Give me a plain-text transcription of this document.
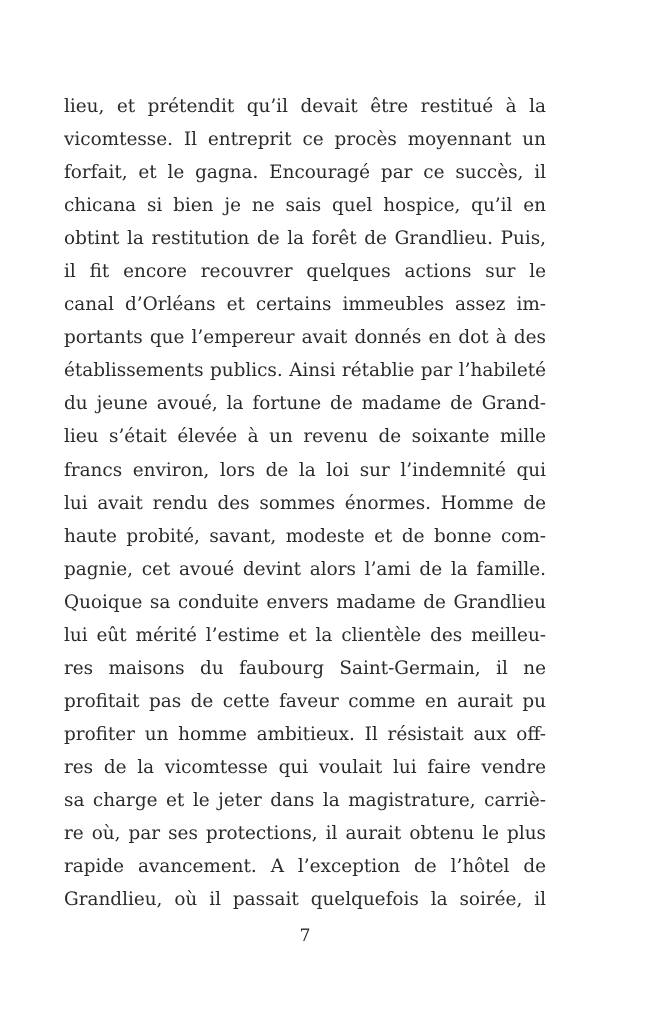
lieu, et prétendit qu’il devait être restitué à la
vicomtesse. Il entreprit ce procès moyennant un
forfait, et le gagna. Encouragé par ce succès, il
chicana si bien je ne sais quel hospice, qu’il en
obtint la restitution de la forêt de Grandlieu. Puis,
il fit encore recouvrer quelques actions sur le
canal d’Orléans et certains immeubles assez im-
portants que l’empereur avait donnés en dot à des
établissements publics. Ainsi rétablie par l’habileté
du jeune avoué, la fortune de madame de Grand-
lieu s’était élevée à un revenu de soixante mille
francs environ, lors de la loi sur l’indemnité qui
lui avait rendu des sommes énormes. Homme de
haute probité, savant, modeste et de bonne com-
pagnie, cet avoué devint alors l’ami de la famille.
Quoique sa conduite envers madame de Grandlieu
lui eût mérité l’estime et la clientèle des meilleu-
res maisons du faubourg Saint-Germain, il ne
profitait pas de cette faveur comme en aurait pu
profiter un homme ambitieux. Il résistait aux off-
res de la vicomtesse qui voulait lui faire vendre
sa charge et le jeter dans la magistrature, carriè-
re où, par ses protections, il aurait obtenu le plus
rapide avancement. A l’exception de l’hôtel de
Grandlieu, où il passait quelquefois la soirée, il
7
